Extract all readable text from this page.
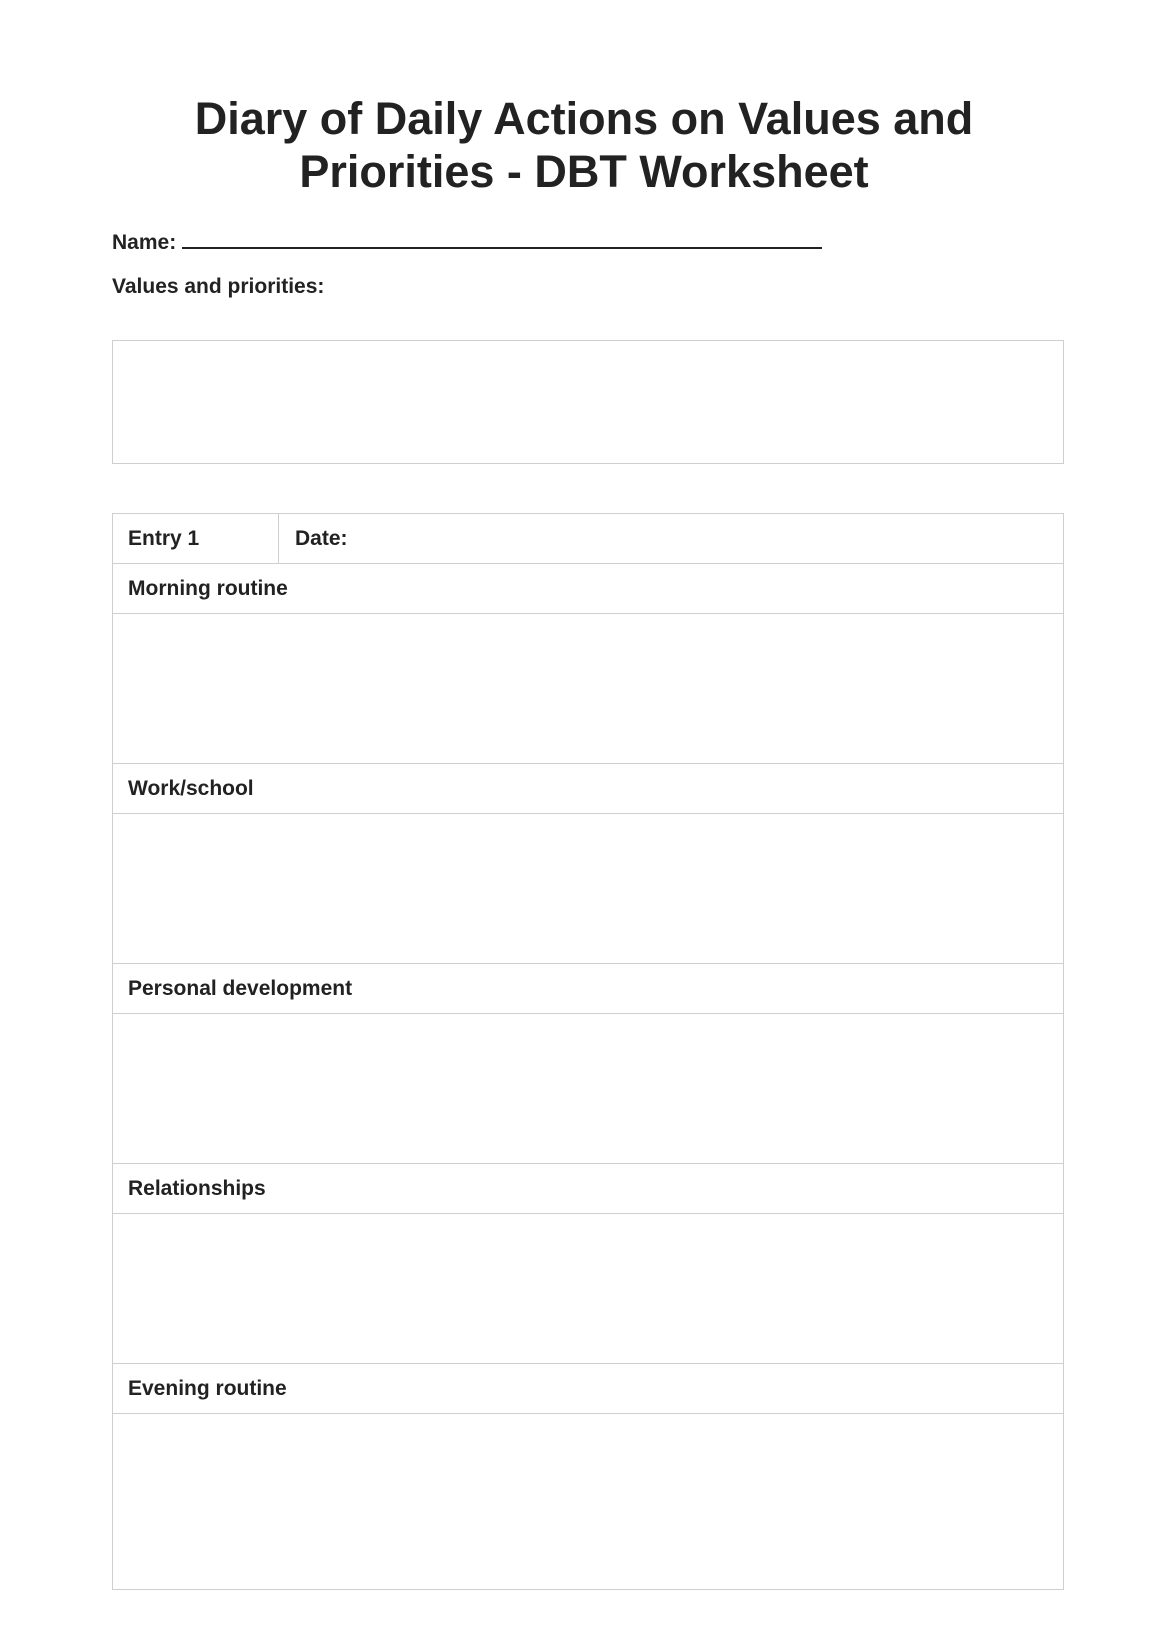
Diary of Daily Actions on Values and
Priorities - DBT Worksheet
Name:
Values and priorities:
Entry 1	Date:
Morning routine
Work/school
Personal development
Relationships
Evening routine
